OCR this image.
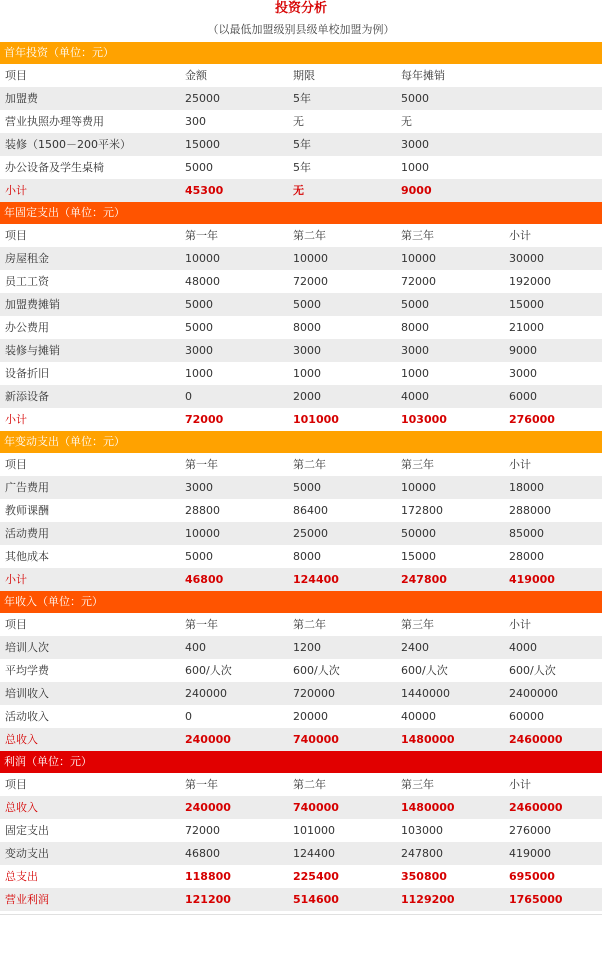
投资分析
（以最低加盟级别县级单校加盟为例）
首年投资（单位：元）
项目	金额	期限	每年摊销
加盟费	25000	5年	5000
营业执照办理等费用	300	无	无
装修（1500－200平米）	15000	5年	3000
办公设备及学生桌椅	5000	5年	1000
小计	45300	无	9000
年固定支出（单位：元）
项目	第一年	第二年	第三年	小计
房屋租金	10000	10000	10000	30000
员工工资	48000	72000	72000	192000
加盟费摊销	5000	5000	5000	15000
办公费用	5000	8000	8000	21000
装修与摊销	3000	3000	3000	9000
设备折旧	1000	1000	1000	3000
新添设备	0	2000	4000	6000
小计	72000	101000	103000	276000
年变动支出（单位：元）
项目	第一年	第二年	第三年	小计
广告费用	3000	5000	10000	18000
教师课酬	28800	86400	172800	288000
活动费用	10000	25000	50000	85000
其他成本	5000	8000	15000	28000
小计	46800	124400	247800	419000
年收入（单位：元）
项目	第一年	第二年	第三年	小计
培训人次	400	1200	2400	4000
平均学费	600/人次	600/人次	600/人次	600/人次
培训收入	240000	720000	1440000	2400000
活动收入	0	20000	40000	60000
总收入	240000	740000	1480000	2460000
利润（单位：元）
项目	第一年	第二年	第三年	小计
总收入	240000	740000	1480000	2460000
固定支出	72000	101000	103000	276000
变动支出	46800	124400	247800	419000
总支出	118800	225400	350800	695000
营业利润	121200	514600	1129200	1765000
